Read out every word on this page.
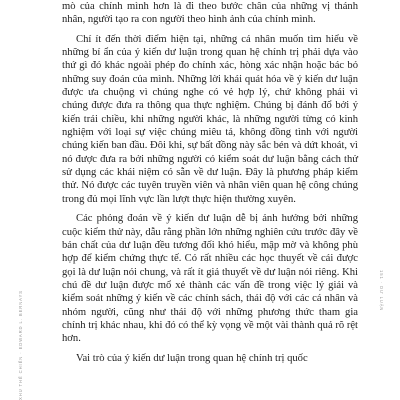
XHU THẾ CHIẾN · EDWARD L. BERNAYS

mò của chính mình hơn là đi theo bước chân của những vị thánh nhân, người tạo ra con người theo hình ảnh của chính mình.

Chí ít đến thời điểm hiện tại, những cá nhân muốn tìm hiểu về những bí ẩn của ý kiến dư luận trong quan hệ chính trị phải dựa vào thứ gì đó khác ngoài phép đo chính xác, hòng xác nhận hoặc bác bỏ những suy đoán của mình. Những lời khái quát hóa về ý kiến dư luận được ưa chuộng vì chúng nghe có vẻ hợp lý, chứ không phải vì chúng được đưa ra thông qua thực nghiệm. Chúng bị đánh đổ bởi ý kiến trái chiều, khi những người khác, là những người từng có kinh nghiệm với loại sự việc chúng miêu tả, không đồng tình với người chúng kiến ban đầu. Đôi khi, sự bất đồng này sắc bén và dứt khoát, vì nó được đưa ra bởi những người có kiểm soát dư luận bằng cách thử sử dụng các khái niệm có sẵn về dư luận. Đây là phương pháp kiểm thử. Nó được các tuyên truyền viên và nhân viên quan hệ công chúng trong đủ mọi lĩnh vực lần lượt thực hiện thường xuyên.

Các phỏng đoán về ý kiến dư luận dễ bị ảnh hưởng bởi những cuộc kiểm thử này, dẫu rằng phần lớn những nghiên cứu trước đây về bản chất của dư luận đều tương đối khó hiểu, mập mờ và không phù hợp để kiểm chứng thực tế. Có rất nhiều các học thuyết về cái được gọi là dư luận nói chung, và rất ít giả thuyết về dư luận nói riêng. Khi chú đề dư luận được mổ xẻ thành các vấn đề trong việc lý giải và kiểm soát những ý kiến về các chính sách, thái độ với các cá nhân và nhóm người, cũng như thái độ với những phương thức tham gia chính trị khác nhau, khi đó có thể kỳ vọng về một vài thành quả rõ rệt hơn.

Vai trò của ý kiến dư luận trong quan hệ chính trị quốc

151 · DƯ LUẬN
